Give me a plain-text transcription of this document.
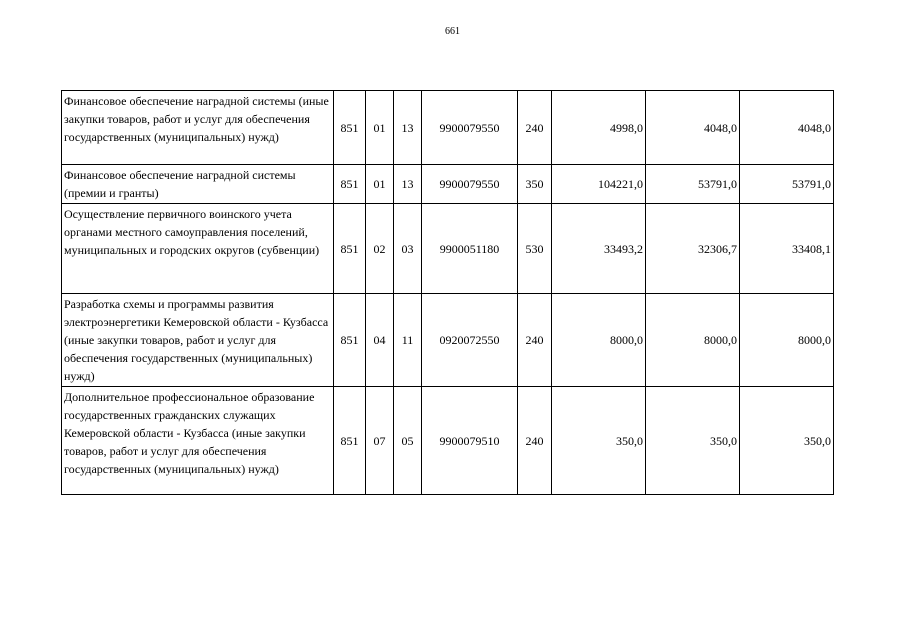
661
Финансовое обеспечение наградной системы (иные закупки товаров, работ и услуг для обеспечения государственных (муниципальных) нужд)	851	01	13	9900079550	240	4998,0	4048,0	4048,0
Финансовое обеспечение наградной системы (премии и гранты)	851	01	13	9900079550	350	104221,0	53791,0	53791,0
Осуществление первичного воинского учета органами местного самоуправления поселений, муниципальных и городских округов (субвенции)	851	02	03	9900051180	530	33493,2	32306,7	33408,1
Разработка схемы и программы развития электроэнергетики Кемеровской области - Кузбасса (иные закупки товаров, работ и услуг для обеспечения государственных (муниципальных) нужд)	851	04	11	0920072550	240	8000,0	8000,0	8000,0
Дополнительное профессиональное образование государственных гражданских служащих Кемеровской области - Кузбасса (иные закупки товаров, работ и услуг для обеспечения государственных (муниципальных) нужд)	851	07	05	9900079510	240	350,0	350,0	350,0
